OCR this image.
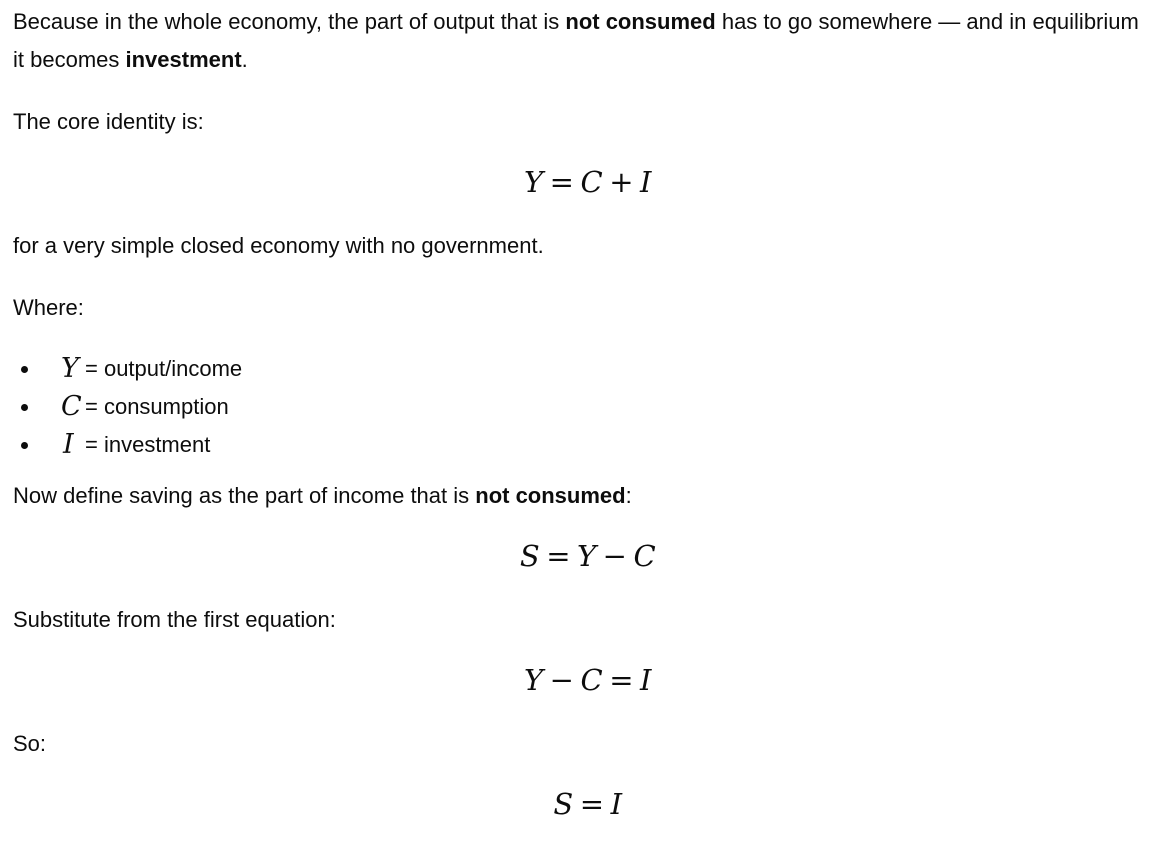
Because in the whole economy, the part of output that is not consumed has to go somewhere — and in equilibrium it becomes investment.

The core identity is:

Y = C + I

for a very simple closed economy with no government.

Where:

Y = output/income
C = consumption
I = investment

Now define saving as the part of income that is not consumed:

S = Y − C

Substitute from the first equation:

Y − C = I

So:

S = I
